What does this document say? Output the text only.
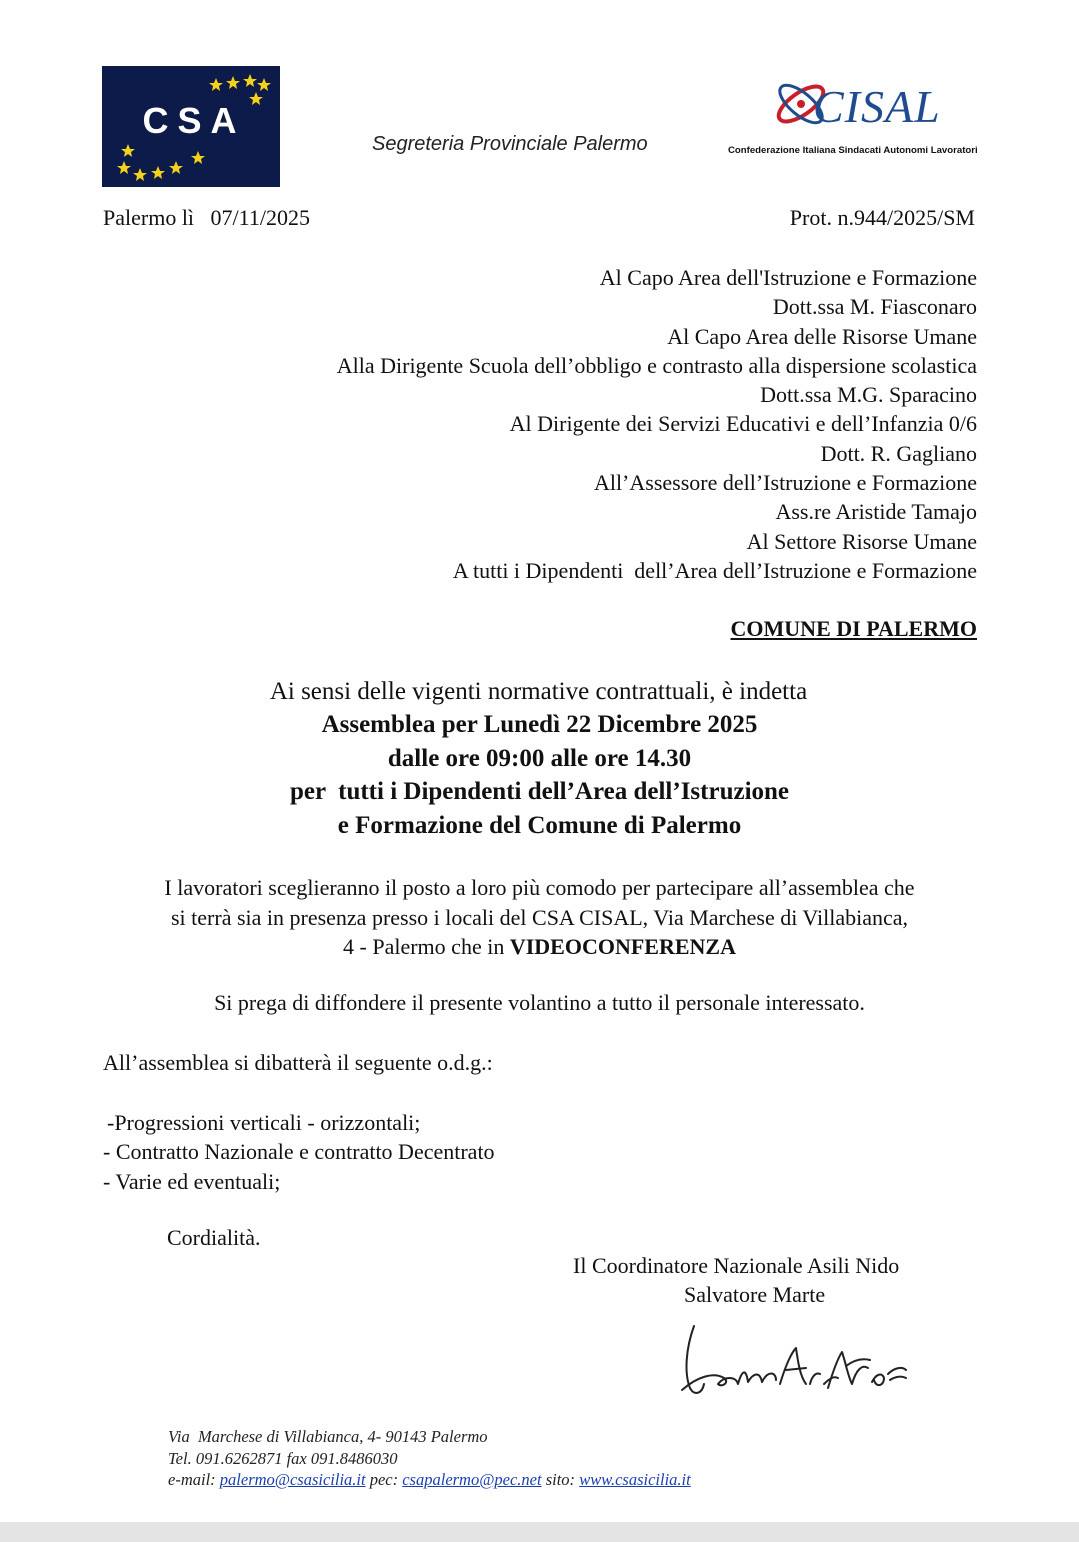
CSA
Segreteria Provinciale Palermo
CISAL
Confederazione Italiana Sindacati Autonomi Lavoratori
Palermo lì   07/11/2025	Prot. n.944/2025/SM
Al Capo Area dell'Istruzione e Formazione
Dott.ssa M. Fiasconaro
Al Capo Area delle Risorse Umane
Alla Dirigente Scuola dell’obbligo e contrasto alla dispersione scolastica
Dott.ssa M.G. Sparacino
Al Dirigente dei Servizi Educativi e dell’Infanzia 0/6
Dott. R. Gagliano
All’Assessore dell’Istruzione e Formazione
Ass.re Aristide Tamajo
Al Settore Risorse Umane
A tutti i Dipendenti  dell’Area dell’Istruzione e Formazione
COMUNE DI PALERMO
Ai sensi delle vigenti normative contrattuali, è indetta
Assemblea per Lunedì 22 Dicembre 2025
dalle ore 09:00 alle ore 14.30
per  tutti i Dipendenti dell’Area dell’Istruzione
e Formazione del Comune di Palermo
I lavoratori sceglieranno il posto a loro più comodo per partecipare all’assemblea che
si terrà sia in presenza presso i locali del CSA CISAL, Via Marchese di Villabianca,
4 - Palermo che in VIDEOCONFERENZA
Si prega di diffondere il presente volantino a tutto il personale interessato.
All’assemblea si dibatterà il seguente o.d.g.:
-Progressioni verticali - orizzontali;
- Contratto Nazionale e contratto Decentrato
- Varie ed eventuali;
Cordialità.
Il Coordinatore Nazionale Asili Nido
Salvatore Marte
Via  Marchese di Villabianca, 4- 90143 Palermo
Tel. 091.6262871 fax 091.8486030
e-mail: palermo@csasicilia.it pec: csapalermo@pec.net sito: www.csasicilia.it
